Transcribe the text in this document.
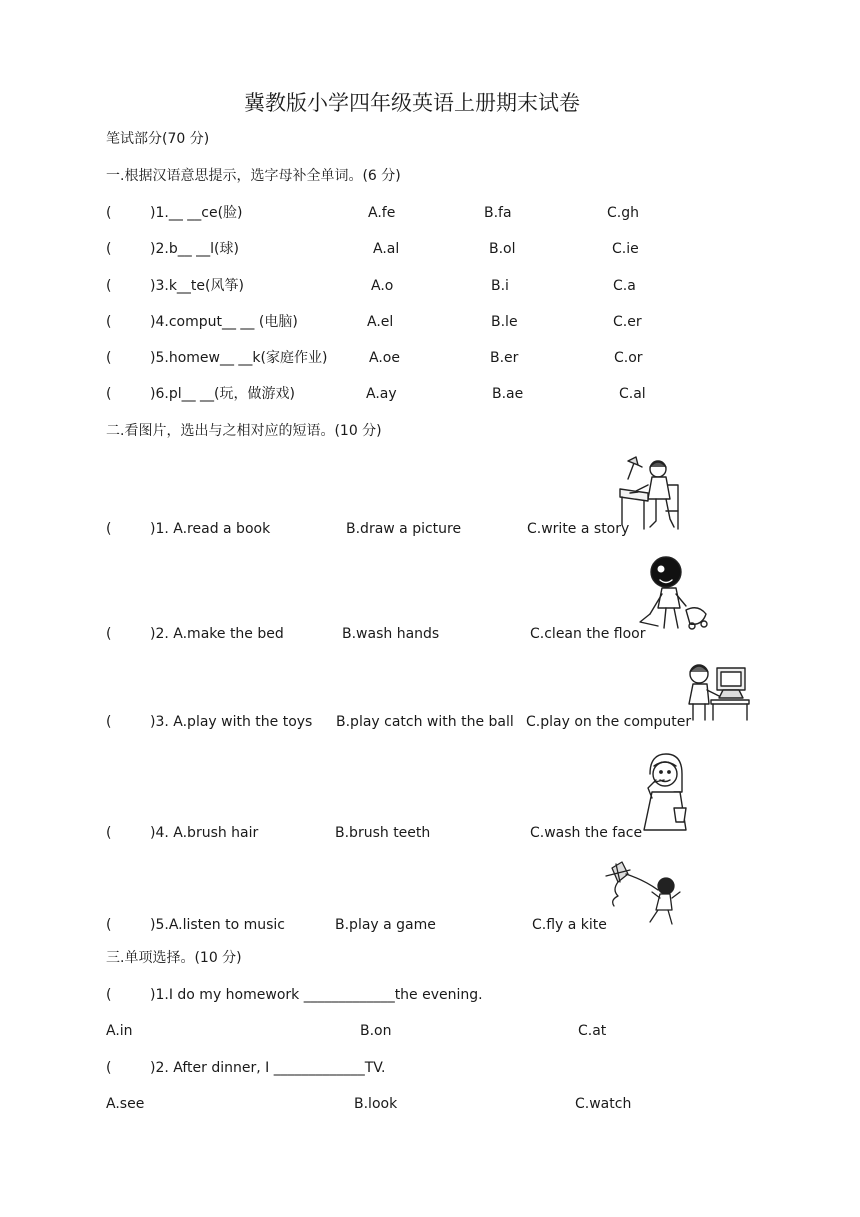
冀教版小学四年级英语上册期末试卷
笔试部分(70 分)
一.根据汉语意思提示，选字母补全单词。(6 分)
(	)1.__ __ce(脸)	A.fe	B.fa	C.gh
(	)2.b__ __l(球)	A.al	B.ol	C.ie
(	)3.k__te(风筝)	A.o	B.i	C.a
(	)4.comput__ __ (电脑)	A.el	B.le	C.er
(	)5.homew__ __k(家庭作业)	A.oe	B.er	C.or
(	)6.pl__ __(玩，做游戏)	A.ay	B.ae	C.al
二.看图片，选出与之相对应的短语。(10 分)
(	)1. A.read a book	B.draw a picture	C.write a story
(	)2. A.make the bed	B.wash hands	C.clean the floor
(	)3. A.play with the toys B.play catch with the ball C.play on the computer
(	)4. A.brush hair	B.brush teeth	C.wash the face
(	)5.A.listen to music	B.play a game	C.fly a kite
三.单项选择。(10 分)
(	)1.I do my homework _____________the evening.
A.in	B.on	C.at
(	)2. After dinner, I _____________TV.
A.see	B.look	C.watch
